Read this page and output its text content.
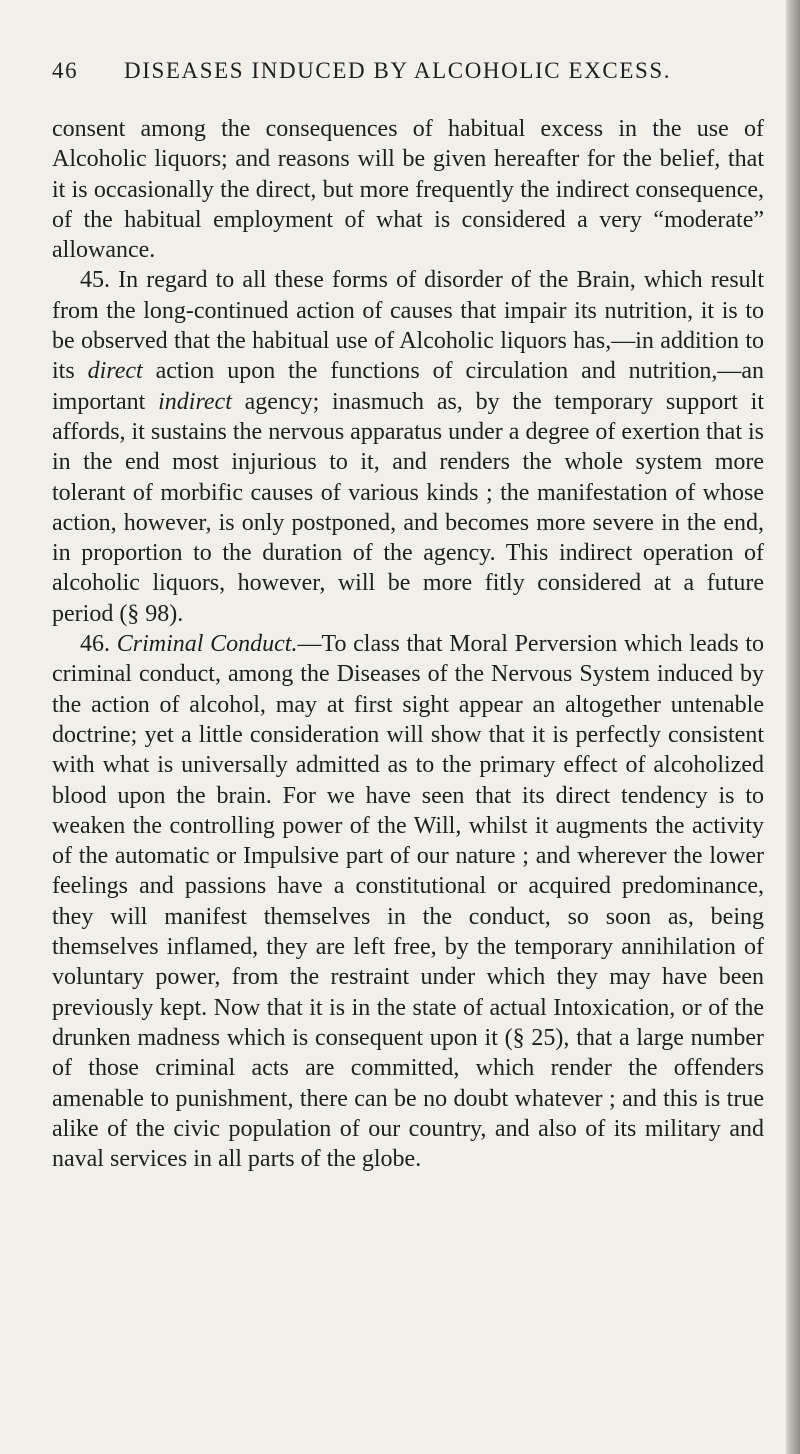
46 DISEASES INDUCED BY ALCOHOLIC EXCESS.

consent among the consequences of habitual excess in the use of Alcoholic liquors; and reasons will be given hereafter for the belief, that it is occasionally the direct, but more frequently the indirect consequence, of the habitual employment of what is considered a very “moderate” allowance.

45. In regard to all these forms of disorder of the Brain, which result from the long-continued action of causes that impair its nutrition, it is to be observed that the habitual use of Alcoholic liquors has,—in addition to its direct action upon the functions of circulation and nutrition,—an important indirect agency; inasmuch as, by the temporary support it affords, it sustains the nervous apparatus under a degree of exertion that is in the end most injurious to it, and renders the whole system more tolerant of morbific causes of various kinds ; the manifestation of whose action, however, is only postponed, and becomes more severe in the end, in proportion to the duration of the agency. This indirect operation of alcoholic liquors, however, will be more fitly considered at a future period (§ 98).

46. Criminal Conduct.—To class that Moral Perversion which leads to criminal conduct, among the Diseases of the Nervous System induced by the action of alcohol, may at first sight appear an altogether untenable doctrine; yet a little consideration will show that it is perfectly consistent with what is universally admitted as to the primary effect of alcoholized blood upon the brain. For we have seen that its direct tendency is to weaken the controlling power of the Will, whilst it augments the activity of the automatic or Impulsive part of our nature ; and wherever the lower feelings and passions have a constitutional or acquired predominance, they will manifest themselves in the conduct, so soon as, being themselves inflamed, they are left free, by the temporary annihilation of voluntary power, from the restraint under which they may have been previously kept. Now that it is in the state of actual Intoxication, or of the drunken madness which is consequent upon it (§ 25), that a large number of those criminal acts are committed, which render the offenders amenable to punishment, there can be no doubt whatever ; and this is true alike of the civic population of our country, and also of its military and naval services in all parts of the globe.
